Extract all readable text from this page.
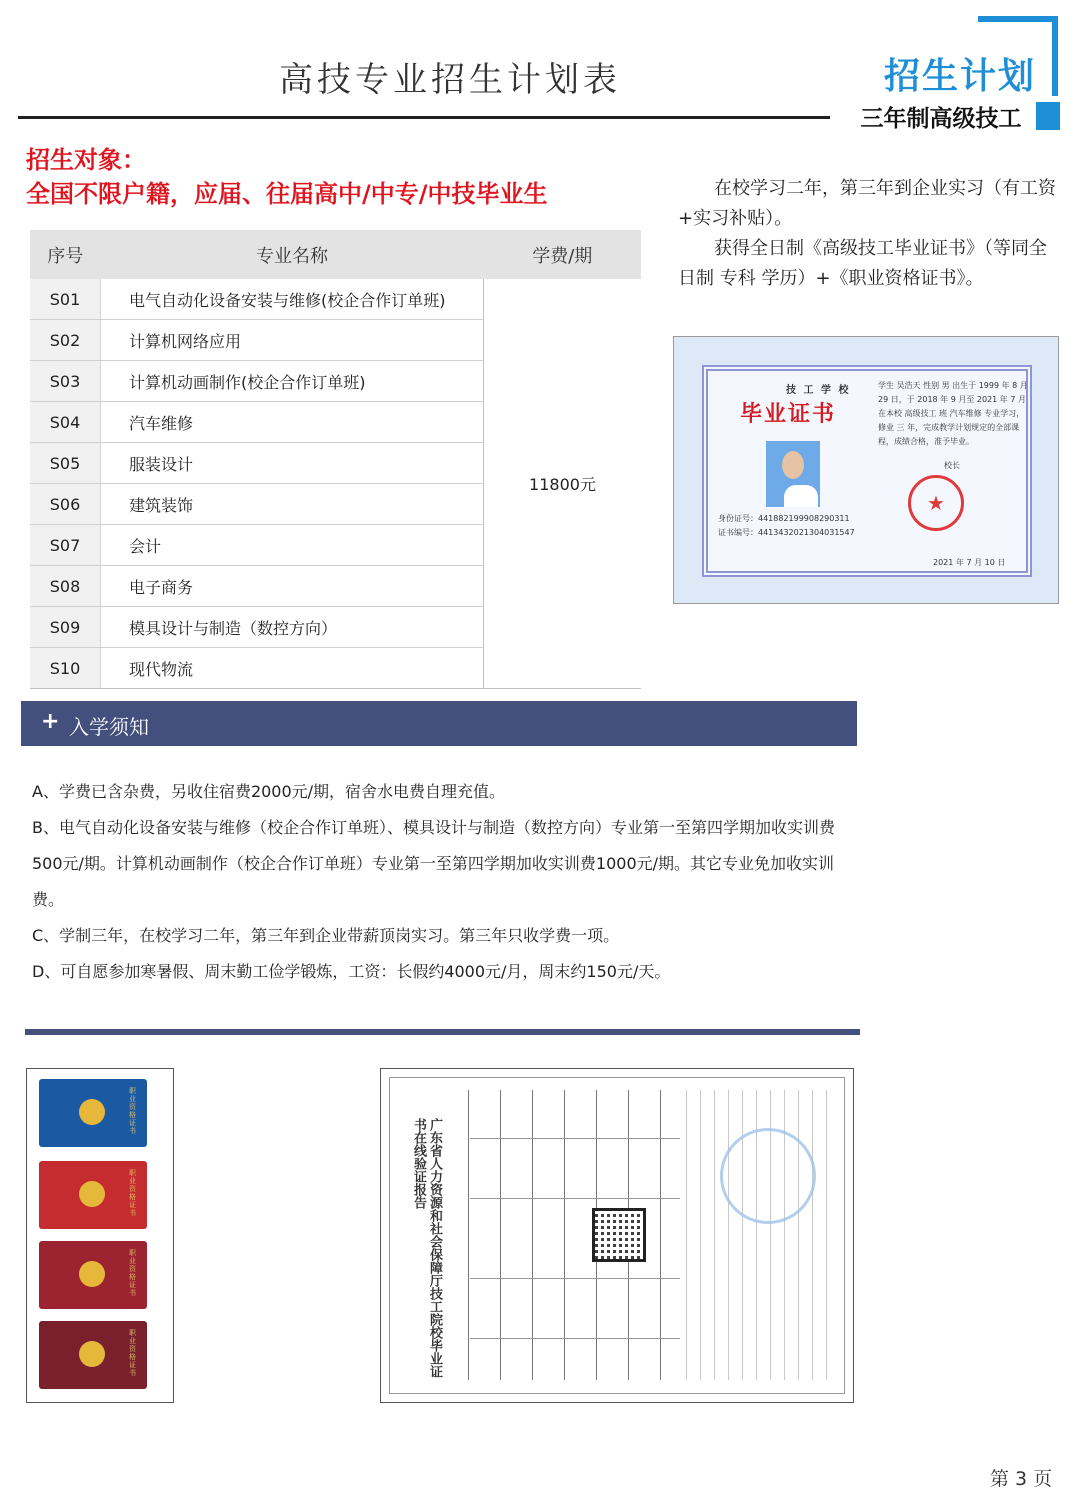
高技专业招生计划表	招生计划
三年制高级技工
招生对象：
全国不限户籍，应届、往届高中/中专/中技毕业生
序号	专业名称	学费/期
S01	电气自动化设备安装与维修(校企合作订单班)	11800元
S02	计算机网络应用	
S03	计算机动画制作(校企合作订单班)	
S04	汽车维修	
S05	服装设计	
S06	建筑装饰	
S07	会计	
S08	电子商务	
S09	模具设计与制造（数控方向）	
S10	现代物流	

在校学习二年，第三年到企业实习（有工资+实习补贴）。

获得全日制《高级技工毕业证书》（等同全日制 专科 学历）+《职业资格证书》。

技 工 学 校
毕业证书
身份证号：441882199908290311
证书编号：4413432021304031547
学生 吴浩天 性别 男 出生于 1999 年 8 月 29 日，于 2018 年 9 月至 2021 年 7 月在本校 高级技工 班 汽车维修 专业学习，修业 三 年，完成教学计划规定的全部课程，成绩合格，准予毕业。
校长
★
2021 年 7 月 10 日
+ 入学须知

A、学费已含杂费，另收住宿费2000元/期，宿舍水电费自理充值。

B、电气自动化设备安装与维修（校企合作订单班）、模具设计与制造（数控方向）专业第一至第四学期加收实训费500元/期。计算机动画制作（校企合作订单班）专业第一至第四学期加收实训费1000元/期。其它专业免加收实训费。

C、学制三年，在校学习二年，第三年到企业带薪顶岗实习。第三年只收学费一项。

D、可自愿参加寒暑假、周末勤工俭学锻炼，工资：长假约4000元/月，周末约150元/天。

职业资格证书
职业资格证书
职业资格证书
职业资格证书	广东省人力资源和社会保障厅技工院校毕业证书在线验证报告
第 3 页
